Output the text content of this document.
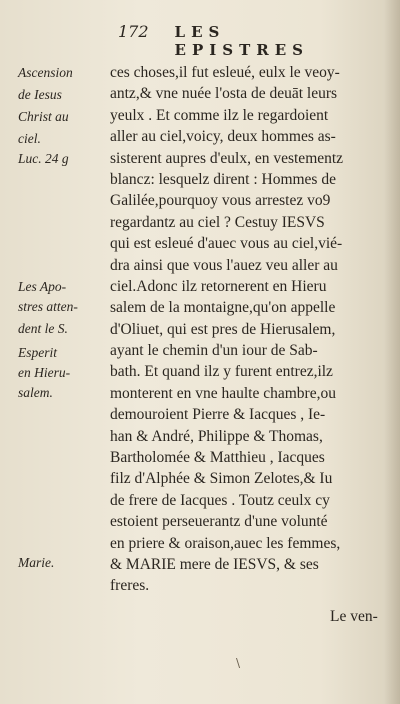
172 LES EPISTRES
Ascension
de Iesus
Christ au
ciel.
Luc. 24 g
Les Apo-
stres atten-
dent le S.
Esperit
en Hieru-
salem.
Marie.
ces choses,il fut esleué, eulx le veoy-
antz,& vne nuée l'osta de deuāt leurs
yeulx . Et comme ilz le regardoient
aller au ciel,voicy, deux hommes as-
sisterent aupres d'eulx, en vestementz
blancz: lesquelz dirent : Hommes de
Galilée,pourquoy vous arrestez vo9
regardantz au ciel ? Cestuy IESVS
qui est esleué d'auec vous au ciel,vié-
dra ainsi que vous l'auez veu aller au
ciel.Adonc ilz retornerent en Hieru
salem de la montaigne,qu'on appelle
d'Oliuet, qui est pres de Hierusalem,
ayant le chemin d'un iour de Sab-
bath. Et quand ilz y furent entrez,ilz
monterent en vne haulte chambre,ou
demouroient Pierre & Iacques , Ie-
han & André, Philippe & Thomas,
Bartholomée & Matthieu , Iacques
filz d'Alphée & Simon Zelotes,& Iu
de frere de Iacques . Toutz ceulx cy
estoient perseuerantz d'une volunté
en priere & oraison,auec les femmes,
& MARIE mere de IESVS, & ses
freres.
Le ven-
\
